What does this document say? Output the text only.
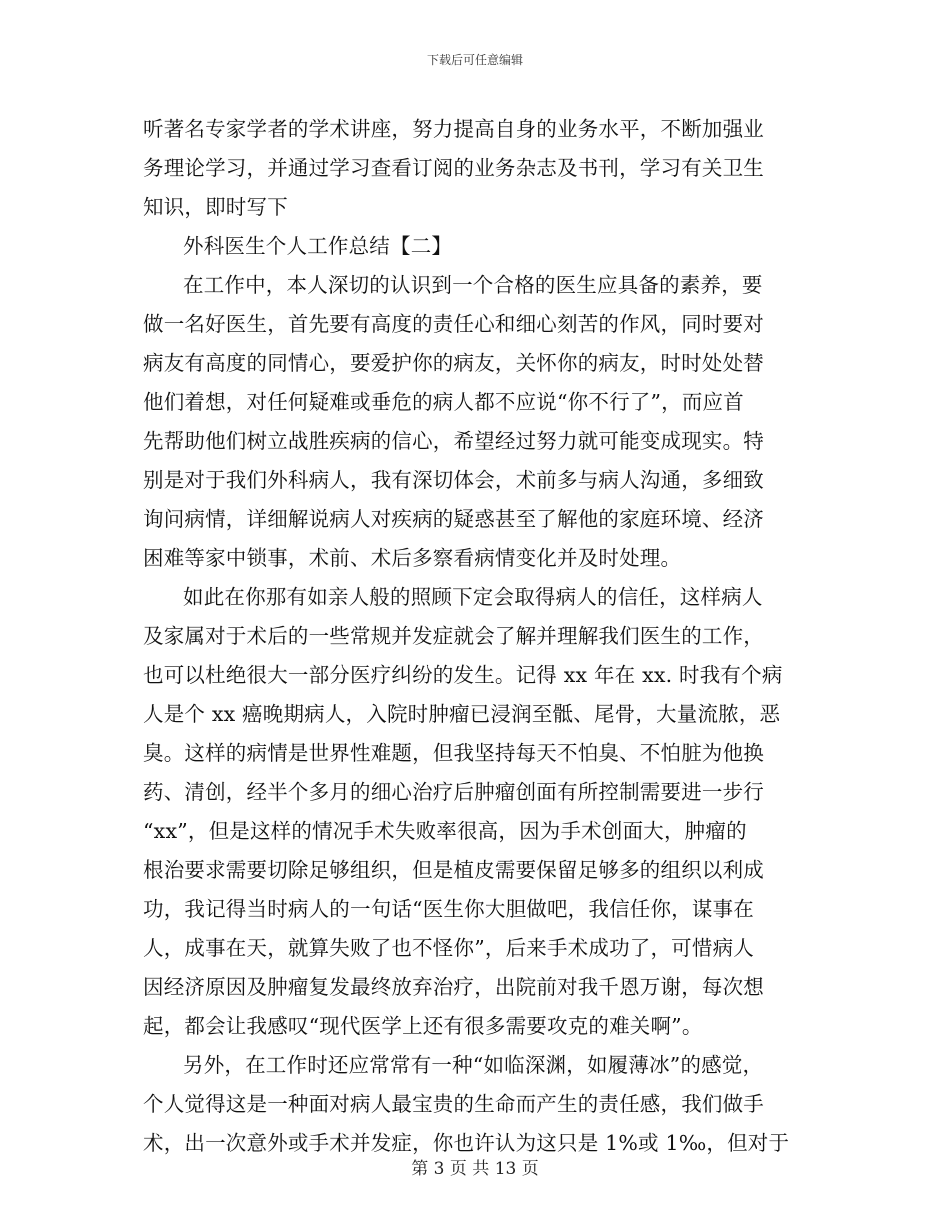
下载后可任意编辑
听著名专家学者的学术讲座，努力提高自身的业务水平，不断加强业
务理论学习，并通过学习查看订阅的业务杂志及书刊，学习有关卫生
知识，即时写下
外科医生个人工作总结【二】
在工作中，本人深切的认识到一个合格的医生应具备的素养，要
做一名好医生，首先要有高度的责任心和细心刻苦的作风，同时要对
病友有高度的同情心，要爱护你的病友，关怀你的病友，时时处处替
他们着想，对任何疑难或垂危的病人都不应说“你不行了”，而应首
先帮助他们树立战胜疾病的信心，希望经过努力就可能变成现实。特
别是对于我们外科病人，我有深切体会，术前多与病人沟通，多细致
询问病情，详细解说病人对疾病的疑惑甚至了解他的家庭环境、经济
困难等家中锁事，术前、术后多察看病情变化并及时处理。
如此在你那有如亲人般的照顾下定会取得病人的信任，这样病人
及家属对于术后的一些常规并发症就会了解并理解我们医生的工作，
也可以杜绝很大一部分医疗纠纷的发生。记得 xx 年在 xx. 时我有个病
人是个 xx 癌晚期病人，入院时肿瘤已浸润至骶、尾骨，大量流脓，恶
臭。这样的病情是世界性难题，但我坚持每天不怕臭、不怕脏为他换
药、清创，经半个多月的细心治疗后肿瘤创面有所控制需要进一步行
“xx”，但是这样的情况手术失败率很高，因为手术创面大，肿瘤的
根治要求需要切除足够组织，但是植皮需要保留足够多的组织以利成
功，我记得当时病人的一句话“医生你大胆做吧，我信任你，谋事在
人，成事在天，就算失败了也不怪你”，后来手术成功了，可惜病人
因经济原因及肿瘤复发最终放弃治疗，出院前对我千恩万谢，每次想
起，都会让我感叹“现代医学上还有很多需要攻克的难关啊”。
另外，在工作时还应常常有一种“如临深渊，如履薄冰”的感觉，
个人觉得这是一种面对病人最宝贵的生命而产生的责任感，我们做手
术，出一次意外或手术并发症，你也许认为这只是 1%或 1‰，但对于
第 3 页 共 13 页
